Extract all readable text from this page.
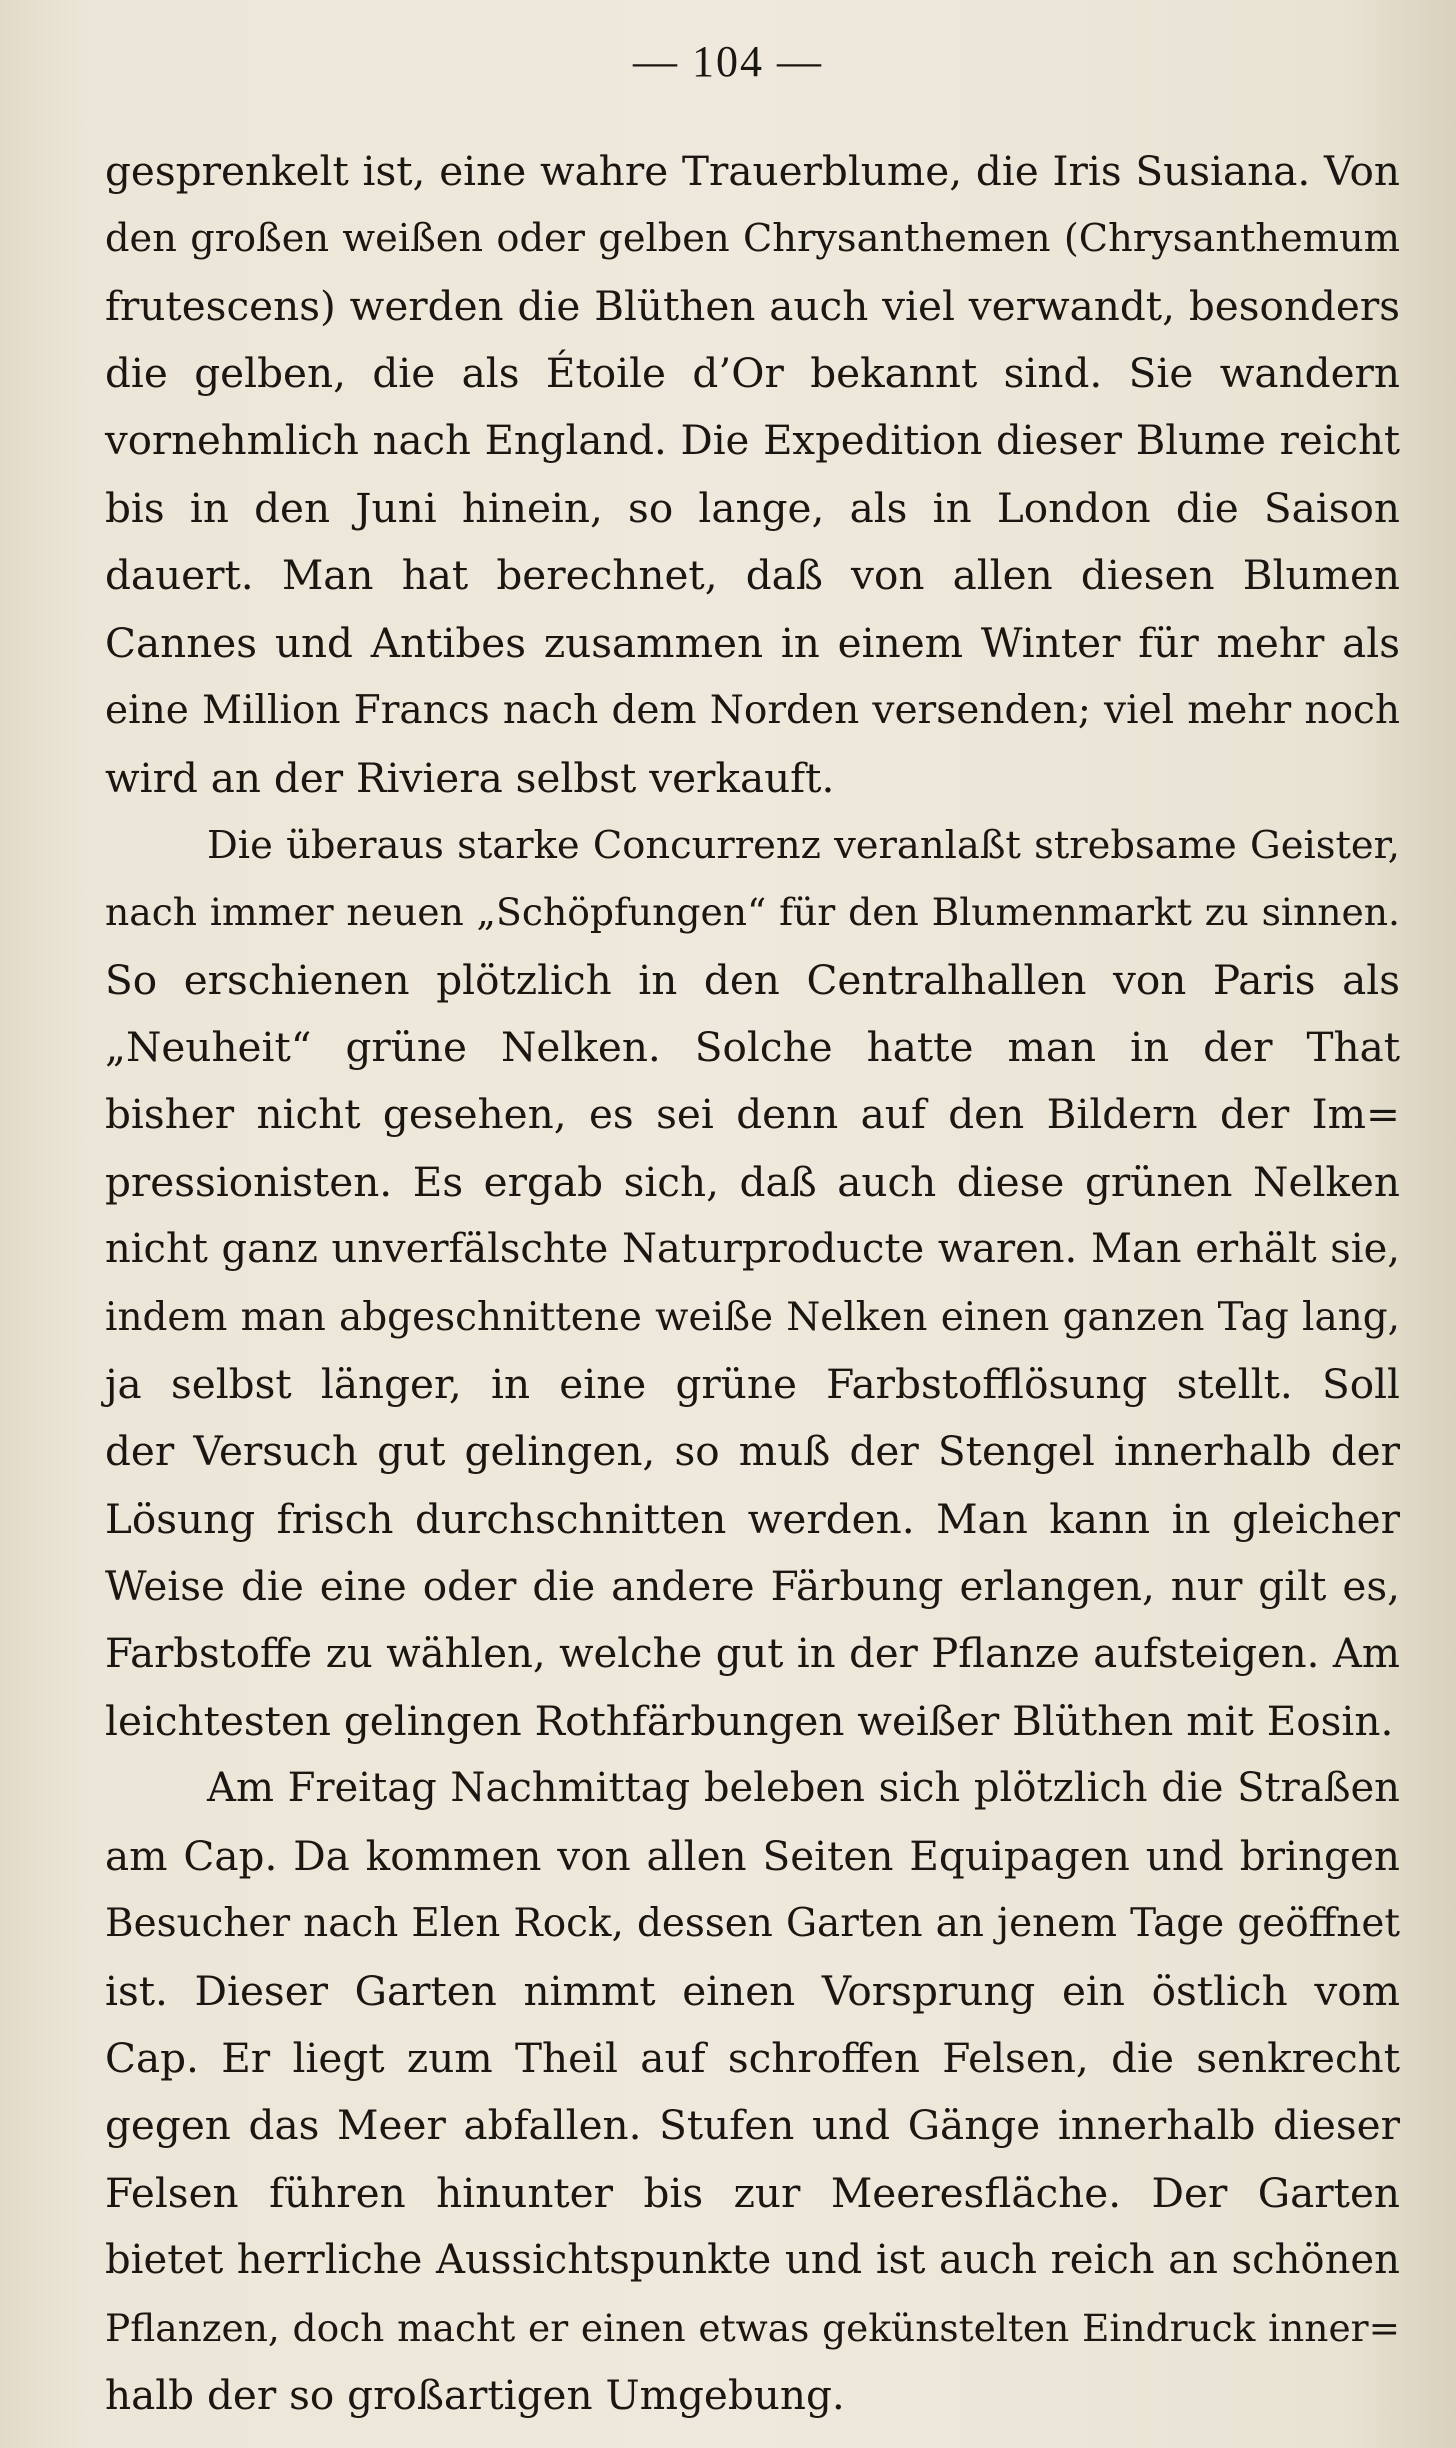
— 104 —
gesprenkelt ist, eine wahre Trauerblume, die Iris Susiana. Von
den großen weißen oder gelben Chrysanthemen (Chrysanthemum
frutescens) werden die Blüthen auch viel verwandt, besonders
die gelben, die als Étoile d’Or bekannt sind. Sie wandern
vornehmlich nach England. Die Expedition dieser Blume reicht
bis in den Juni hinein, so lange, als in London die Saison
dauert. Man hat berechnet, daß von allen diesen Blumen
Cannes und Antibes zusammen in einem Winter für mehr als
eine Million Francs nach dem Norden versenden; viel mehr noch
wird an der Riviera selbst verkauft.
Die überaus starke Concurrenz veranlaßt strebsame Geister,
nach immer neuen „Schöpfungen“ für den Blumenmarkt zu sinnen.
So erschienen plötzlich in den Centralhallen von Paris als
„Neuheit“ grüne Nelken. Solche hatte man in der That
bisher nicht gesehen, es sei denn auf den Bildern der Im=
pressionisten. Es ergab sich, daß auch diese grünen Nelken
nicht ganz unverfälschte Naturproducte waren. Man erhält sie,
indem man abgeschnittene weiße Nelken einen ganzen Tag lang,
ja selbst länger, in eine grüne Farbstofflösung stellt. Soll
der Versuch gut gelingen, so muß der Stengel innerhalb der
Lösung frisch durchschnitten werden. Man kann in gleicher
Weise die eine oder die andere Färbung erlangen, nur gilt es,
Farbstoffe zu wählen, welche gut in der Pflanze aufsteigen. Am
leichtesten gelingen Rothfärbungen weißer Blüthen mit Eosin.
Am Freitag Nachmittag beleben sich plötzlich die Straßen
am Cap. Da kommen von allen Seiten Equipagen und bringen
Besucher nach Elen Rock, dessen Garten an jenem Tage geöffnet
ist. Dieser Garten nimmt einen Vorsprung ein östlich vom
Cap. Er liegt zum Theil auf schroffen Felsen, die senkrecht
gegen das Meer abfallen. Stufen und Gänge innerhalb dieser
Felsen führen hinunter bis zur Meeresfläche. Der Garten
bietet herrliche Aussichtspunkte und ist auch reich an schönen
Pflanzen, doch macht er einen etwas gekünstelten Eindruck inner=
halb der so großartigen Umgebung.
